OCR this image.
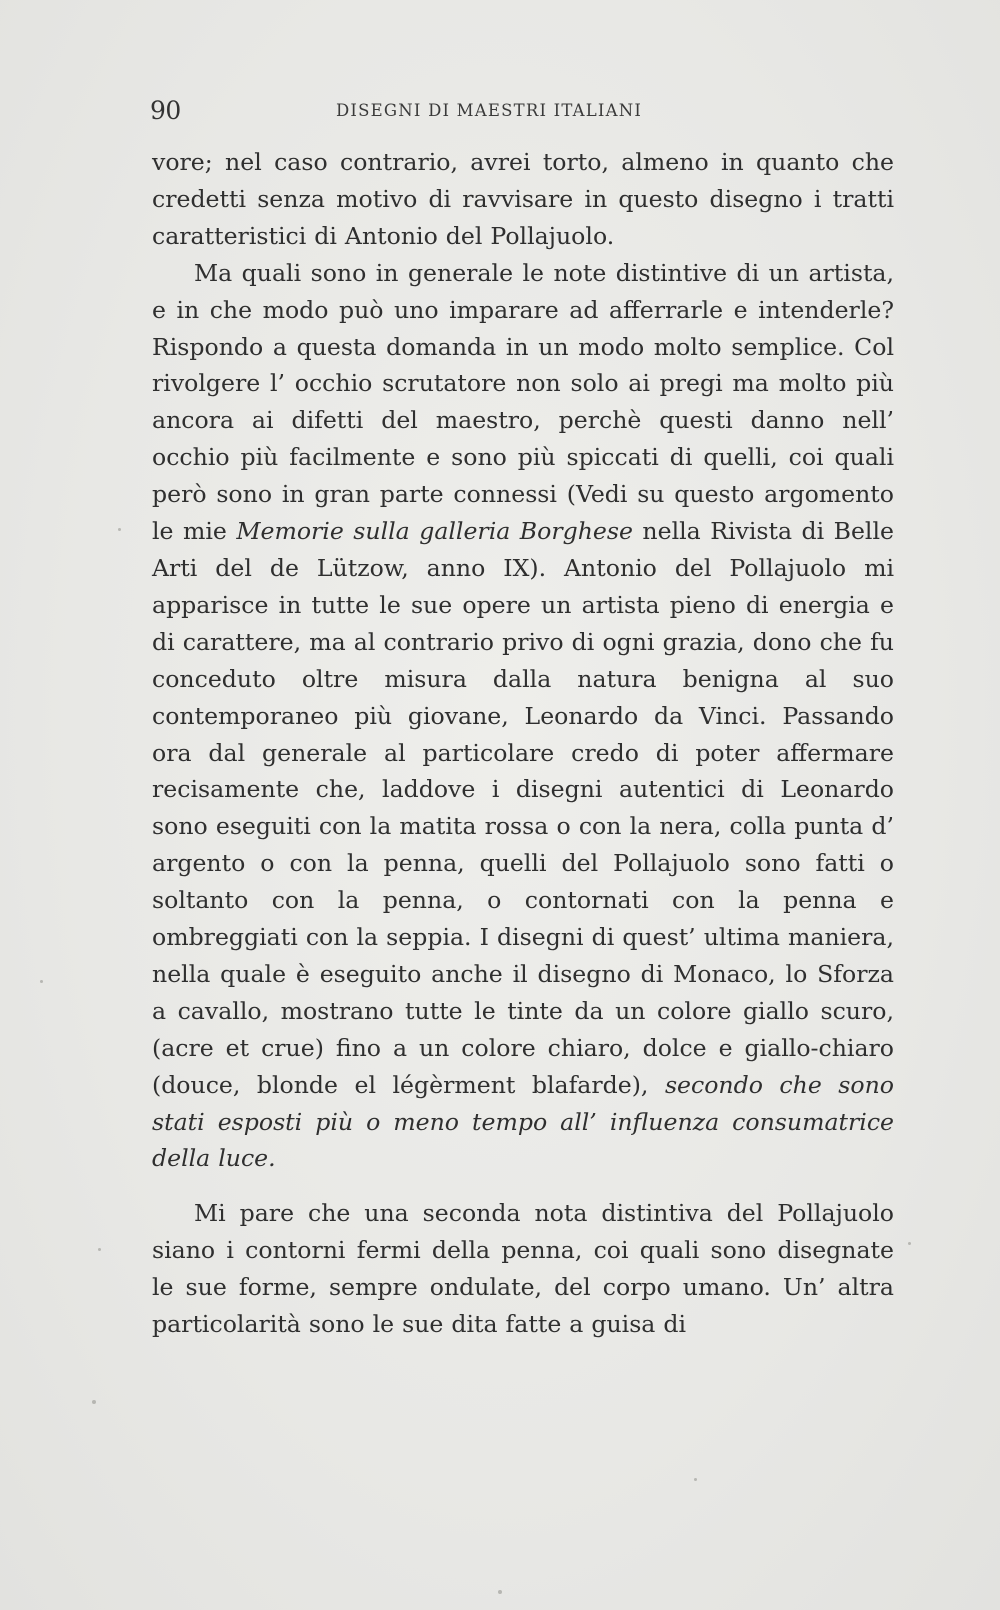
90	DISEGNI DI MAESTRI ITALIANI

vore; nel caso contrario, avrei torto, almeno in quanto che credetti senza motivo di ravvisare in questo disegno i tratti caratteristici di Antonio del Pollajuolo.

Ma quali sono in generale le note distintive di un artista, e in che modo può uno imparare ad afferrarle e intenderle? Rispondo a questa domanda in un modo molto semplice. Col rivolgere l’ occhio scrutatore non solo ai pregi ma molto più ancora ai difetti del maestro, perchè questi danno nell’ occhio più facilmente e sono più spiccati di quelli, coi quali però sono in gran parte connessi (Vedi su questo argomento le mie Memorie sulla galleria Borghese nella Rivista di Belle Arti del de Lützow, anno IX). Antonio del Pollajuolo mi apparisce in tutte le sue opere un artista pieno di energia e di carattere, ma al contrario privo di ogni grazia, dono che fu conceduto oltre misura dalla natura benigna al suo contemporaneo più giovane, Leonardo da Vinci. Passando ora dal generale al particolare credo di poter affermare recisamente che, laddove i disegni autentici di Leonardo sono eseguiti con la matita rossa o con la nera, colla punta d’ argento o con la penna, quelli del Pollajuolo sono fatti o soltanto con la penna, o contornati con la penna e ombreggiati con la seppia. I disegni di quest’ ultima maniera, nella quale è eseguito anche il disegno di Monaco, lo Sforza a cavallo, mostrano tutte le tinte da un colore giallo scuro, (acre et crue) fino a un colore chiaro, dolce e giallo-chiaro (douce, blonde el légèrment blafarde), secondo che sono stati esposti più o meno tempo all’ influenza consumatrice della luce.

Mi pare che una seconda nota distintiva del Pollajuolo siano i contorni fermi della penna, coi quali sono disegnate le sue forme, sempre ondulate, del corpo umano. Un’ altra particolarità sono le sue dita fatte a guisa di
